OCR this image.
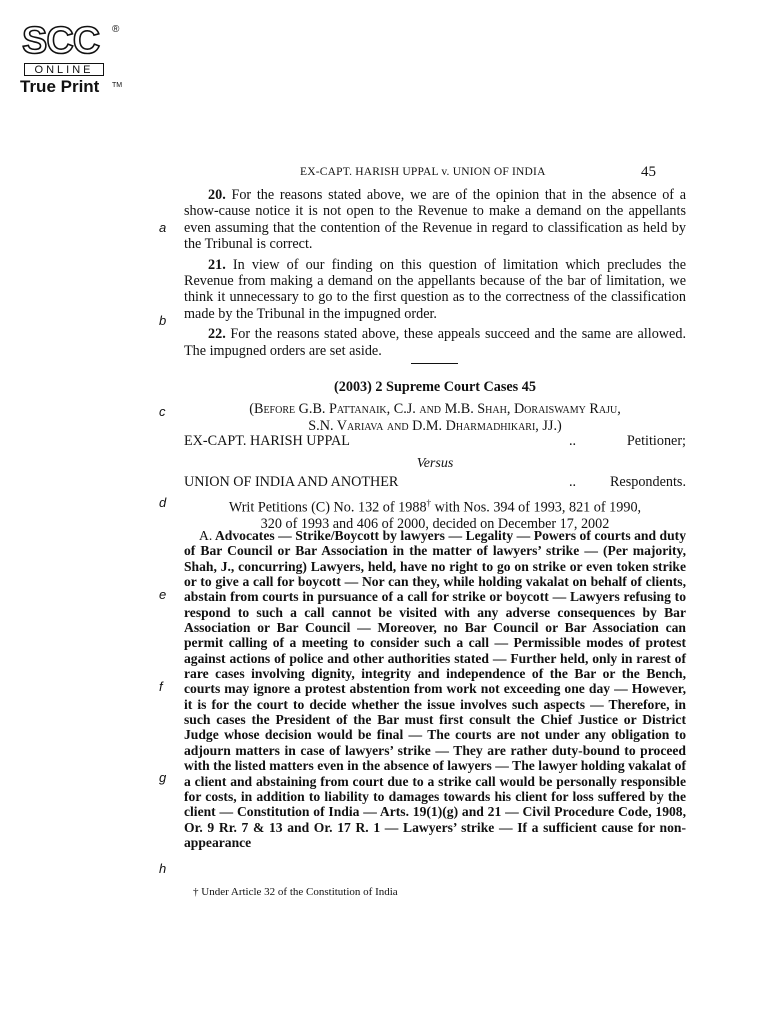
SCC ®
ONLINE
True Print TM
EX-CAPT. HARISH UPPAL v. UNION OF INDIA	45
a
b
c
d
e
f
g
h

20. For the reasons stated above, we are of the opinion that in the absence of a show-cause notice it is not open to the Revenue to make a demand on the appellants even assuming that the contention of the Revenue in regard to classification as held by the Tribunal is correct.

21. In view of our finding on this question of limitation which precludes the Revenue from making a demand on the appellants because of the bar of limitation, we think it unnecessary to go to the first question as to the correctness of the classification made by the Tribunal in the impugned order.

22. For the reasons stated above, these appeals succeed and the same are allowed. The impugned orders are set aside.

(2003) 2 Supreme Court Cases 45
(Before G.B. Pattanaik, C.J. and M.B. Shah, Doraiswamy Raju,
S.N. Variava and D.M. Dharmadhikari, JJ.)
EX-CAPT. HARISH UPPAL	..	Petitioner;
Versus
UNION OF INDIA AND ANOTHER	.. Respondents.
Writ Petitions (C) No. 132 of 1988† with Nos. 394 of 1993, 821 of 1990,
320 of 1993 and 406 of 2000, decided on December 17, 2002
A. Advocates — Strike/Boycott by lawyers — Legality — Powers of courts and duty of Bar Council or Bar Association in the matter of lawyers’ strike — (Per majority, Shah, J., concurring) Lawyers, held, have no right to go on strike or even token strike or to give a call for boycott — Nor can they, while holding vakalat on behalf of clients, abstain from courts in pursuance of a call for strike or boycott — Lawyers refusing to respond to such a call cannot be visited with any adverse consequences by Bar Association or Bar Council — Moreover, no Bar Council or Bar Association can permit calling of a meeting to consider such a call — Permissible modes of protest against actions of police and other authorities stated — Further held, only in rarest of rare cases involving dignity, integrity and independence of the Bar or the Bench, courts may ignore a protest abstention from work not exceeding one day — However, it is for the court to decide whether the issue involves such aspects — Therefore, in such cases the President of the Bar must first consult the Chief Justice or District Judge whose decision would be final — The courts are not under any obligation to adjourn matters in case of lawyers’ strike — They are rather duty-bound to proceed with the listed matters even in the absence of lawyers — The lawyer holding vakalat of a client and abstaining from court due to a strike call would be personally responsible for costs, in addition to liability to damages towards his client for loss suffered by the client — Constitution of India — Arts. 19(1)(g) and 21 — Civil Procedure Code, 1908, Or. 9 Rr. 7 & 13 and Or. 17 R. 1 — Lawyers’ strike — If a sufficient cause for non-appearance
† Under Article 32 of the Constitution of India
